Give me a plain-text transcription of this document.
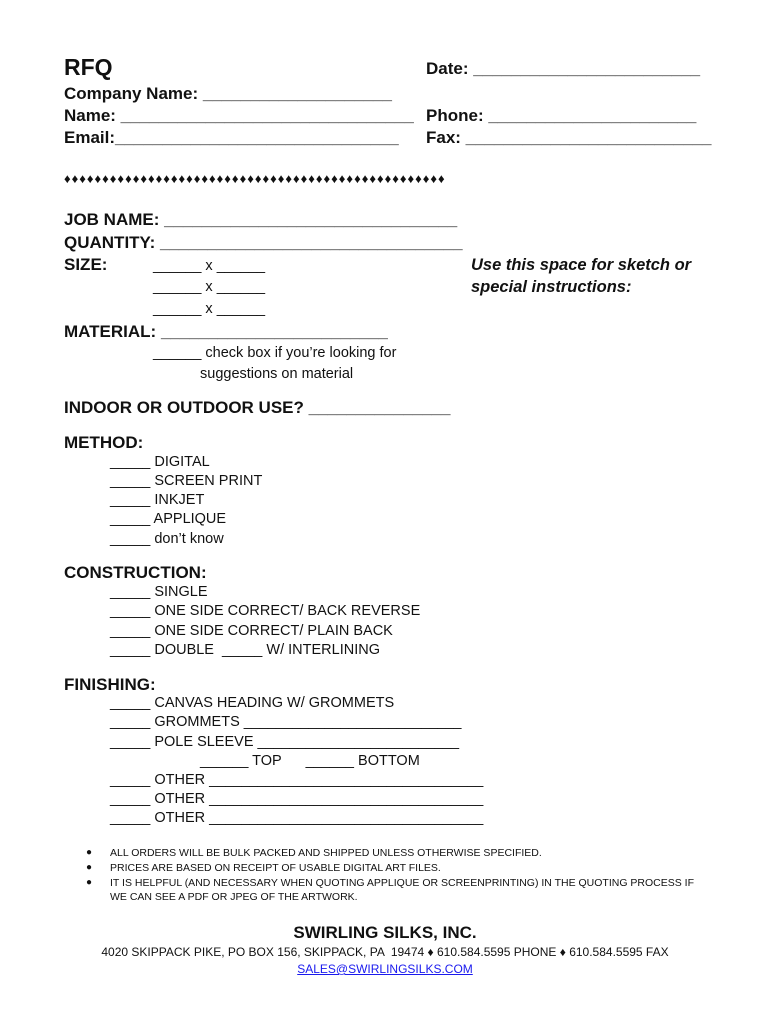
RFQ	Date: ________________________
Company Name: ____________________
Name: _______________________________ Phone: ______________________
Email:______________________________ Fax: __________________________
♦♦♦♦♦♦♦♦♦♦♦♦♦♦♦♦♦♦♦♦♦♦♦♦♦♦♦♦♦♦♦♦♦♦♦♦♦♦♦♦♦♦♦♦♦♦♦♦♦♦
JOB NAME: _______________________________
QUANTITY: ________________________________
SIZE:	______ x ______
______ x ______
______ x ______
Use this space for sketch or special instructions:
MATERIAL: ________________________
______ check box if you’re looking for
suggestions on material
INDOOR OR OUTDOOR USE? _______________
METHOD:
_____ DIGITAL
_____ SCREEN PRINT
_____ INKJET
_____ APPLIQUE
_____ don’t know
CONSTRUCTION:
_____ SINGLE
_____ ONE SIDE CORRECT/ BACK REVERSE
_____ ONE SIDE CORRECT/ PLAIN BACK
_____ DOUBLE  _____ W/ INTERLINING
FINISHING:
_____ CANVAS HEADING W/ GROMMETS
_____ GROMMETS ___________________________
_____ POLE SLEEVE _________________________
______ TOP      ______ BOTTOM
_____ OTHER __________________________________
_____ OTHER __________________________________
_____ OTHER __________________________________
● ALL ORDERS WILL BE BULK PACKED AND SHIPPED UNLESS OTHERWISE SPECIFIED.
● PRICES ARE BASED ON RECEIPT OF USABLE DIGITAL ART FILES.
● IT IS HELPFUL (AND NECESSARY WHEN QUOTING APPLIQUE OR SCREENPRINTING) IN THE QUOTING PROCESS IF WE CAN SEE A PDF OR JPEG OF THE ARTWORK.
SWIRLING SILKS, INC.
4020 SKIPPACK PIKE, PO BOX 156, SKIPPACK, PA  19474 ♦ 610.584.5595 PHONE ♦ 610.584.5595 FAX
SALES@SWIRLINGSILKS.COM
